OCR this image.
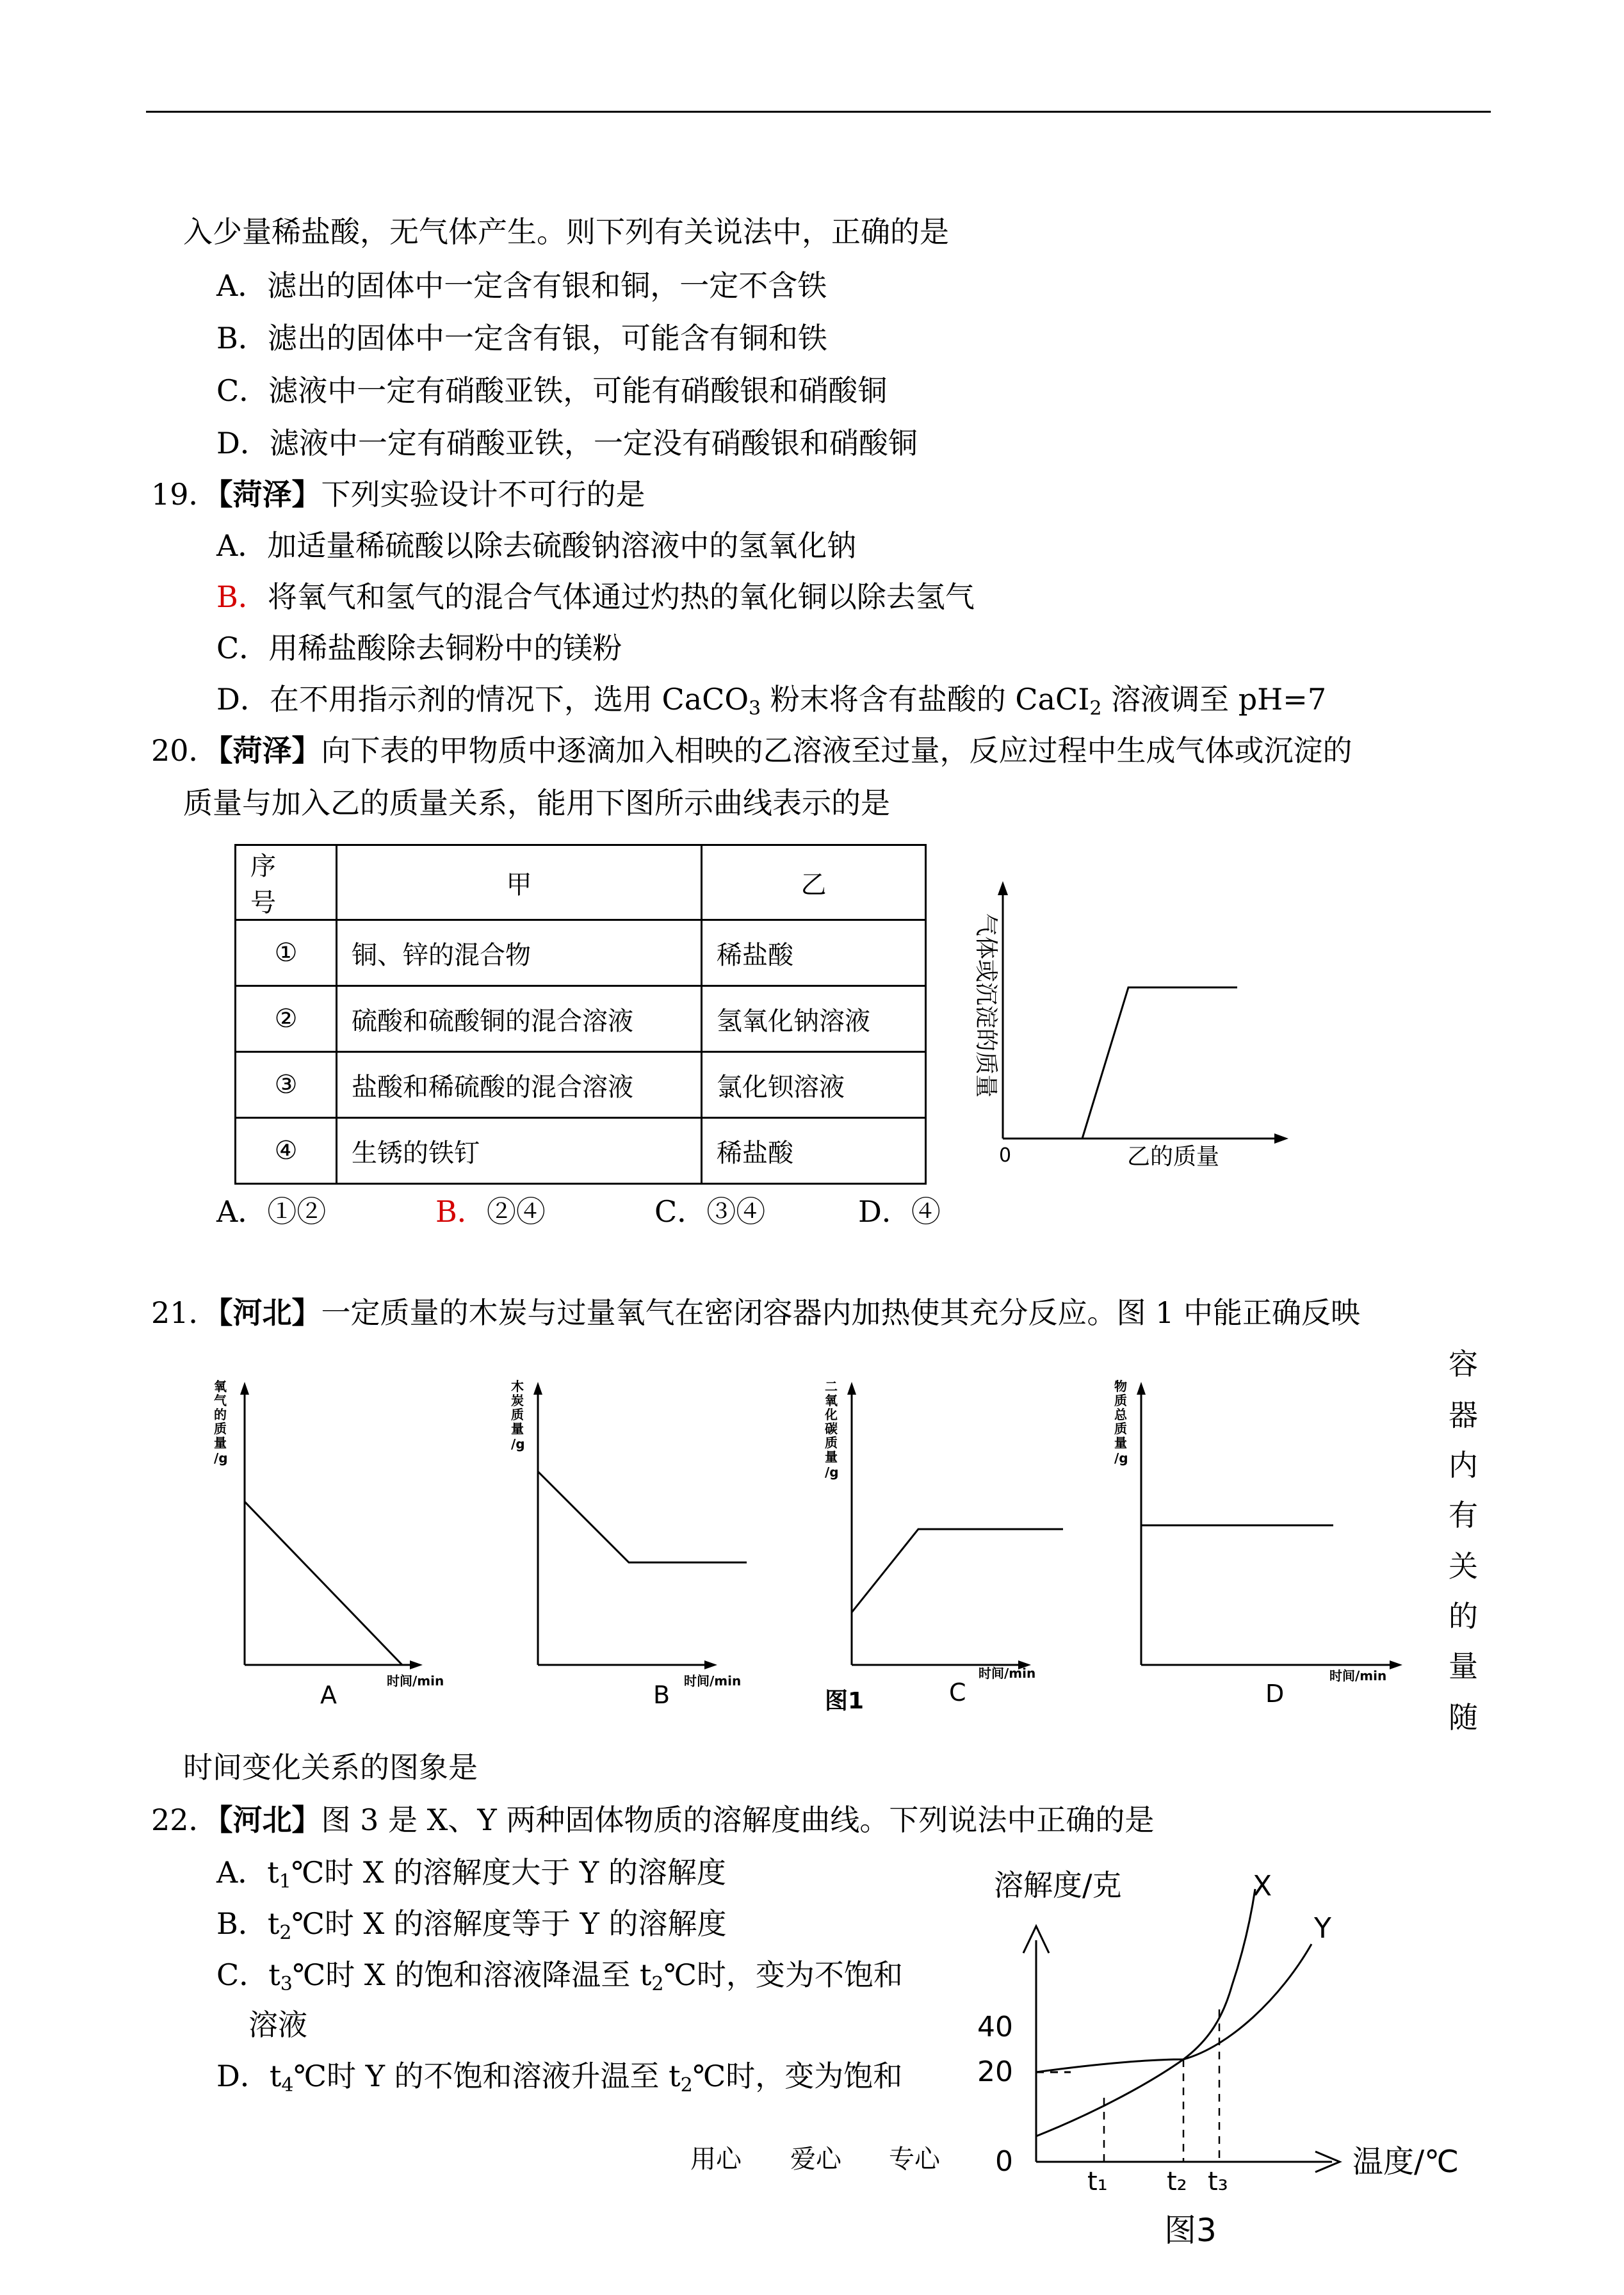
入少量稀盐酸，无气体产生。则下列有关说法中，正确的是
A．滤出的固体中一定含有银和铜，一定不含铁
B．滤出的固体中一定含有银，可能含有铜和铁
C．滤液中一定有硝酸亚铁，可能有硝酸银和硝酸铜
D．滤液中一定有硝酸亚铁，一定没有硝酸银和硝酸铜
19．【菏泽】下列实验设计不可行的是
A．加适量稀硫酸以除去硫酸钠溶液中的氢氧化钠
B．将氧气和氢气的混合气体通过灼热的氧化铜以除去氢气
C．用稀盐酸除去铜粉中的镁粉
D．在不用指示剂的情况下，选用 CaCO$_3$ 粉末将含有盐酸的 CaCI$_2$ 溶液调至 pH=7
20．【菏泽】向下表的甲物质中逐滴加入相映的乙溶液至过量，反应过程中生成气体或沉淀的
质量与加入乙的质量关系，能用下图所示曲线表示的是
序　号	甲	乙
①	铜、锌的混合物	稀盐酸
②	硫酸和硫酸铜的混合溶液	氢氧化钠溶液
③	盐酸和稀硫酸的混合溶液	氯化钡溶液
④	生锈的铁钉	稀盐酸	0	乙的质量
气体或沉淀的质量
A．①②	B．②④	C．③④	D．④
21．【河北】一定质量的木炭与过量氧气在密闭容器内加热使其充分反应。图 1 中能正确反映
容
器
内
有
关
的
量
随
氧
气
的
质
量
/g
时间/min
A
木
炭
质
量
/g
时间/min
B
二
氧
化
碳
质
量
/g
时间/min
C
图1
物
质
总
质
量
/g
时间/min
D
时间变化关系的图象是
22．【河北】图 3 是 X、Y 两种固体物质的溶解度曲线。下列说法中正确的是
A．$t_1℃$时 X 的溶解度大于 Y 的溶解度
B．$t_2℃$时 X 的溶解度等于 Y 的溶解度
C．$t_3℃$时 X 的饱和溶液降温至 $t_2℃$时，变为不饱和
溶液
D．$t_4℃$时 Y 的不饱和溶液升温至 $t_2℃$时，变为饱和
用心 爱心 专心
溶解度/克
温度/℃
40
20
0
X
Y
t₁ t₂ t₃
图3
